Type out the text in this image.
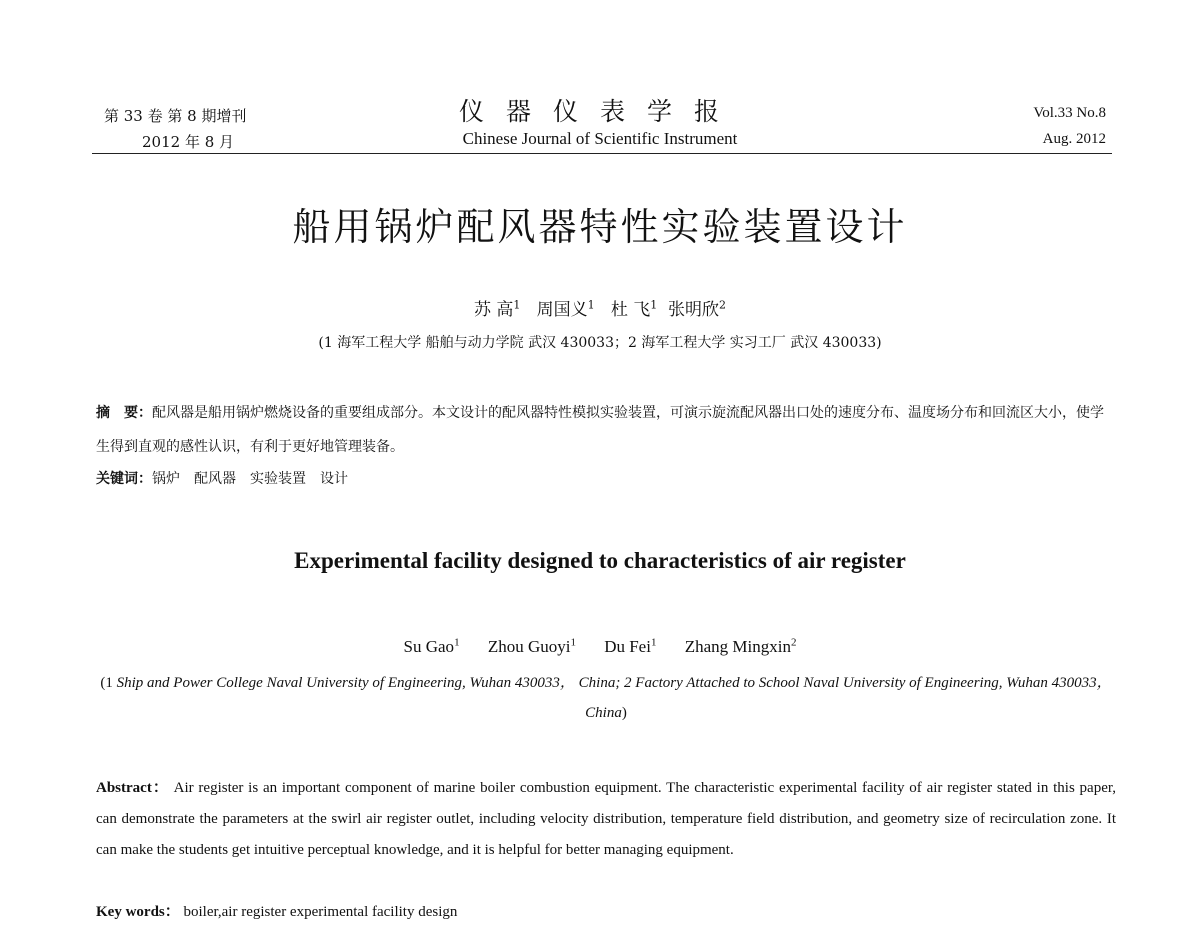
第 33 卷 第 8 期增刊
2012 年 8 月
仪器仪表学报
Chinese Journal of Scientific Instrument
Vol.33 No.8
Aug. 2012
船用锅炉配风器特性实验装置设计
苏 高$^1$ 周国义$^1$ 杜 飞$^1$ 张明欣$^2$
(1 海军工程大学 船舶与动力学院 武汉 430033；2 海军工程大学 实习工厂 武汉 430033)
摘　要：配风器是船用锅炉燃烧设备的重要组成部分。本文设计的配风器特性模拟实验装置，可演示旋流配风器出口处的速度分布、温度场分布和回流区大小，使学生得到直观的感性认识，有利于更好地管理装备。
关键词：锅炉　配风器　实验装置　设计
Experimental facility designed to characteristics of air register
Su Gao$^1$ Zhou Guoyi$^1$ Du Fei$^1$ Zhang Mingxin$^2$
(1 Ship and Power College Naval University of Engineering, Wuhan 430033， China; 2 Factory Attached to School Naval University of Engineering, Wuhan 430033， China)
Abstract： Air register is an important component of marine boiler combustion equipment. The characteristic experimental facility of air register stated in this paper, can demonstrate the parameters at the swirl air register outlet, including velocity distribution, temperature field distribution, and geometry size of recirculation zone. It can make the students get intuitive perceptual knowledge, and it is helpful for better managing equipment.
Key words： boiler,air register experimental facility design
